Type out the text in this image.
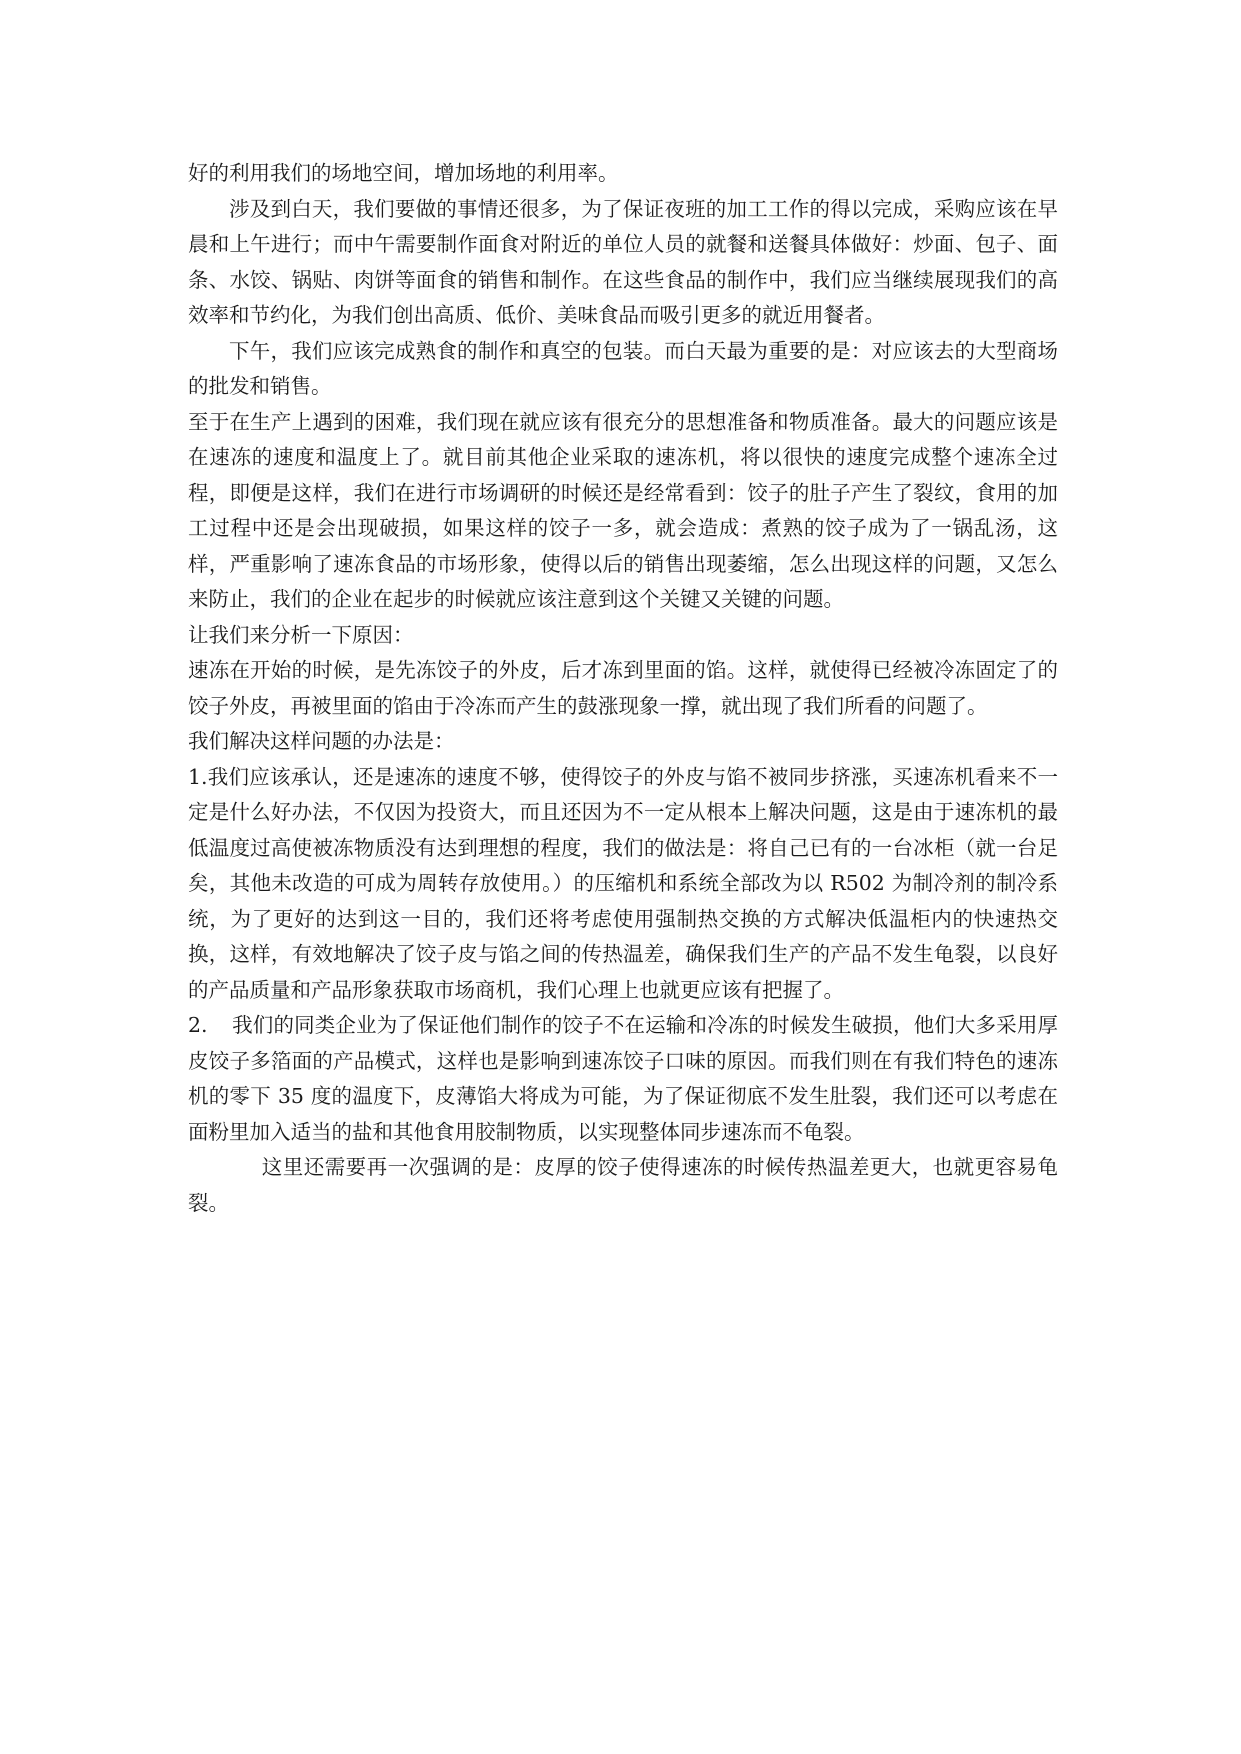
好的利用我们的场地空间，增加场地的利用率。

涉及到白天，我们要做的事情还很多，为了保证夜班的加工工作的得以完成，采购应该在早晨和上午进行；而中午需要制作面食对附近的单位人员的就餐和送餐具体做好：炒面、包子、面条、水饺、锅贴、肉饼等面食的销售和制作。在这些食品的制作中，我们应当继续展现我们的高效率和节约化，为我们创出高质、低价、美味食品而吸引更多的就近用餐者。

下午，我们应该完成熟食的制作和真空的包装。而白天最为重要的是：对应该去的大型商场的批发和销售。

至于在生产上遇到的困难，我们现在就应该有很充分的思想准备和物质准备。最大的问题应该是在速冻的速度和温度上了。就目前其他企业采取的速冻机，将以很快的速度完成整个速冻全过程，即便是这样，我们在进行市场调研的时候还是经常看到：饺子的肚子产生了裂纹，食用的加工过程中还是会出现破损，如果这样的饺子一多，就会造成：煮熟的饺子成为了一锅乱汤，这样，严重影响了速冻食品的市场形象，使得以后的销售出现萎缩，怎么出现这样的问题，又怎么来防止，我们的企业在起步的时候就应该注意到这个关键又关键的问题。

让我们来分析一下原因：

速冻在开始的时候，是先冻饺子的外皮，后才冻到里面的馅。这样，就使得已经被冷冻固定了的饺子外皮，再被里面的馅由于冷冻而产生的鼓涨现象一撑，就出现了我们所看的问题了。

我们解决这样问题的办法是：

1.我们应该承认，还是速冻的速度不够，使得饺子的外皮与馅不被同步挤涨，买速冻机看来不一定是什么好办法，不仅因为投资大，而且还因为不一定从根本上解决问题，这是由于速冻机的最低温度过高使被冻物质没有达到理想的程度，我们的做法是：将自己已有的一台冰柜（就一台足矣，其他未改造的可成为周转存放使用。）的压缩机和系统全部改为以 R502 为制冷剂的制冷系统，为了更好的达到这一目的，我们还将考虑使用强制热交换的方式解决低温柜内的快速热交换，这样，有效地解决了饺子皮与馅之间的传热温差，确保我们生产的产品不发生龟裂，以良好的产品质量和产品形象获取市场商机，我们心理上也就更应该有把握了。

2. 我们的同类企业为了保证他们制作的饺子不在运输和冷冻的时候发生破损，他们大多采用厚皮饺子多箔面的产品模式，这样也是影响到速冻饺子口味的原因。而我们则在有我们特色的速冻机的零下 35 度的温度下，皮薄馅大将成为可能，为了保证彻底不发生肚裂，我们还可以考虑在面粉里加入适当的盐和其他食用胶制物质，以实现整体同步速冻而不龟裂。

这里还需要再一次强调的是：皮厚的饺子使得速冻的时候传热温差更大，也就更容易龟裂。
